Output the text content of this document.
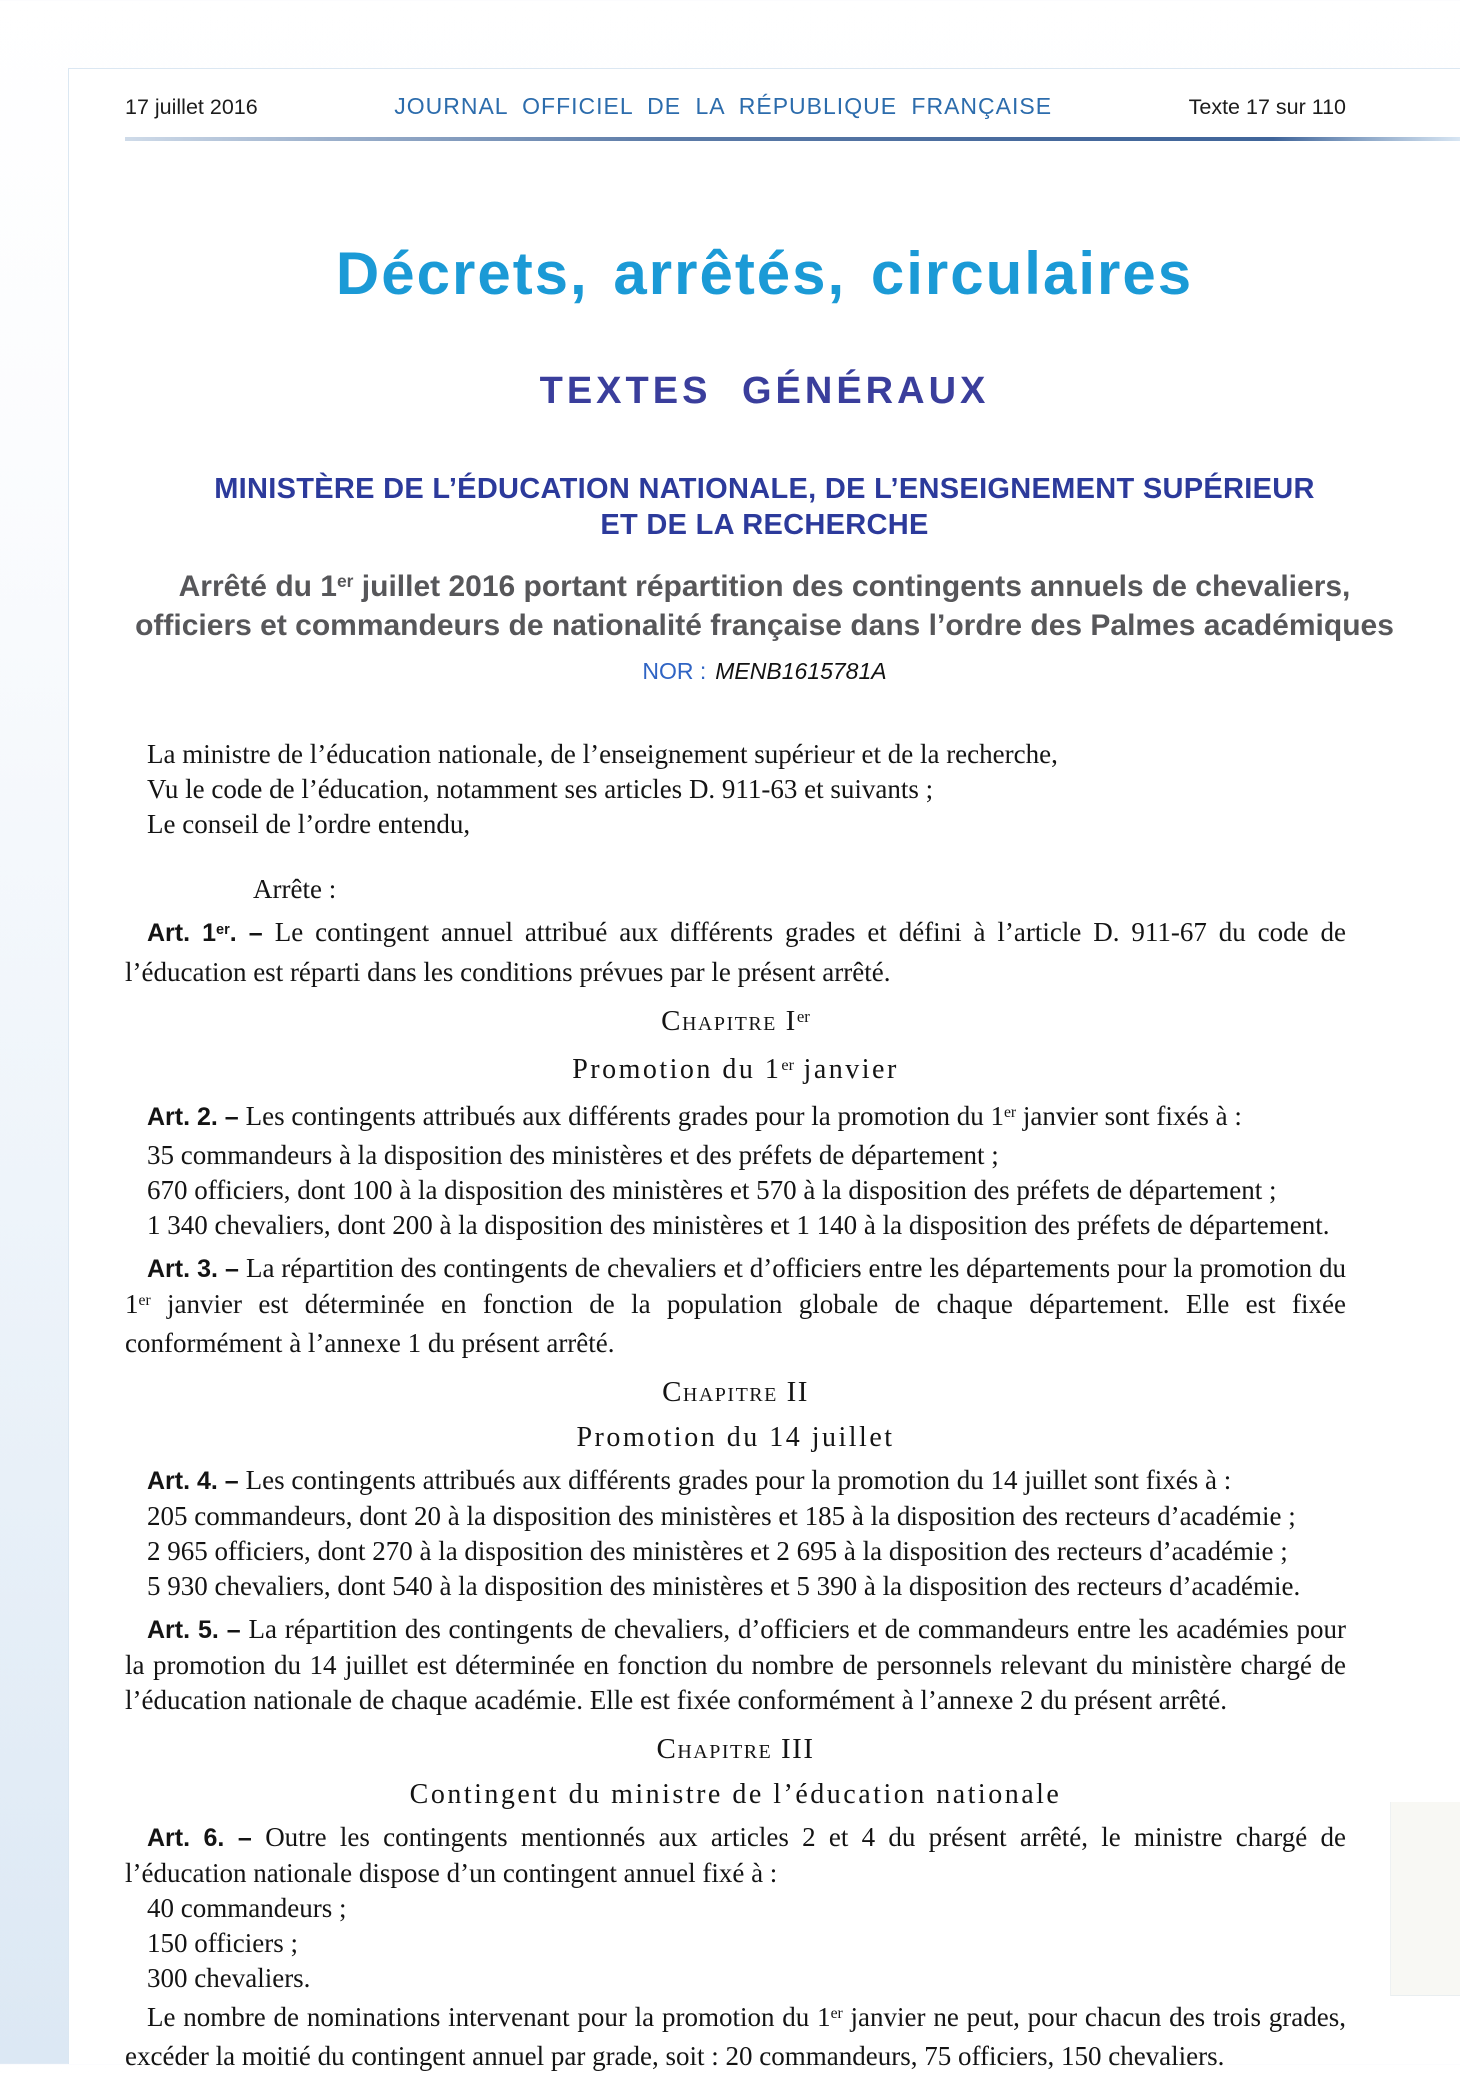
17 juillet 2016	JOURNAL OFFICIEL DE LA RÉPUBLIQUE FRANÇAISE	Texte 17 sur 110
Décrets, arrêtés, circulaires
TEXTES GÉNÉRAUX
MINISTÈRE DE L’ÉDUCATION NATIONALE, DE L’ENSEIGNEMENT SUPÉRIEUR
ET DE LA RECHERCHE
Arrêté du 1er juillet 2016 portant répartition des contingents annuels de chevaliers,
officiers et commandeurs de nationalité française dans l’ordre des Palmes académiques
NOR : MENB1615781A

La ministre de l’éducation nationale, de l’enseignement supérieur et de la recherche,

Vu le code de l’éducation, notamment ses articles D. 911-63 et suivants ;

Le conseil de l’ordre entendu,

Arrête :

Art. 1er. – Le contingent annuel attribué aux différents grades et défini à l’article D. 911-67 du code de l’éducation est réparti dans les conditions prévues par le présent arrêté.

Chapitre Ier

Promotion du 1er janvier

Art. 2. – Les contingents attribués aux différents grades pour la promotion du 1er janvier sont fixés à :

35 commandeurs à la disposition des ministères et des préfets de département ;

670 officiers, dont 100 à la disposition des ministères et 570 à la disposition des préfets de département ;

1 340 chevaliers, dont 200 à la disposition des ministères et 1 140 à la disposition des préfets de département.

Art. 3. – La répartition des contingents de chevaliers et d’officiers entre les départements pour la promotion du 1er janvier est déterminée en fonction de la population globale de chaque département. Elle est fixée conformément à l’annexe 1 du présent arrêté.

Chapitre II

Promotion du 14 juillet

Art. 4. – Les contingents attribués aux différents grades pour la promotion du 14 juillet sont fixés à :

205 commandeurs, dont 20 à la disposition des ministères et 185 à la disposition des recteurs d’académie ;

2 965 officiers, dont 270 à la disposition des ministères et 2 695 à la disposition des recteurs d’académie ;

5 930 chevaliers, dont 540 à la disposition des ministères et 5 390 à la disposition des recteurs d’académie.

Art. 5. – La répartition des contingents de chevaliers, d’officiers et de commandeurs entre les académies pour la promotion du 14 juillet est déterminée en fonction du nombre de personnels relevant du ministère chargé de l’éducation nationale de chaque académie. Elle est fixée conformément à l’annexe 2 du présent arrêté.

Chapitre III

Contingent du ministre de l’éducation nationale

Art. 6. – Outre les contingents mentionnés aux articles 2 et 4 du présent arrêté, le ministre chargé de l’éducation nationale dispose d’un contingent annuel fixé à :

40 commandeurs ;

150 officiers ;

300 chevaliers.

Le nombre de nominations intervenant pour la promotion du 1er janvier ne peut, pour chacun des trois grades, excéder la moitié du contingent annuel par grade, soit : 20 commandeurs, 75 officiers, 150 chevaliers.
